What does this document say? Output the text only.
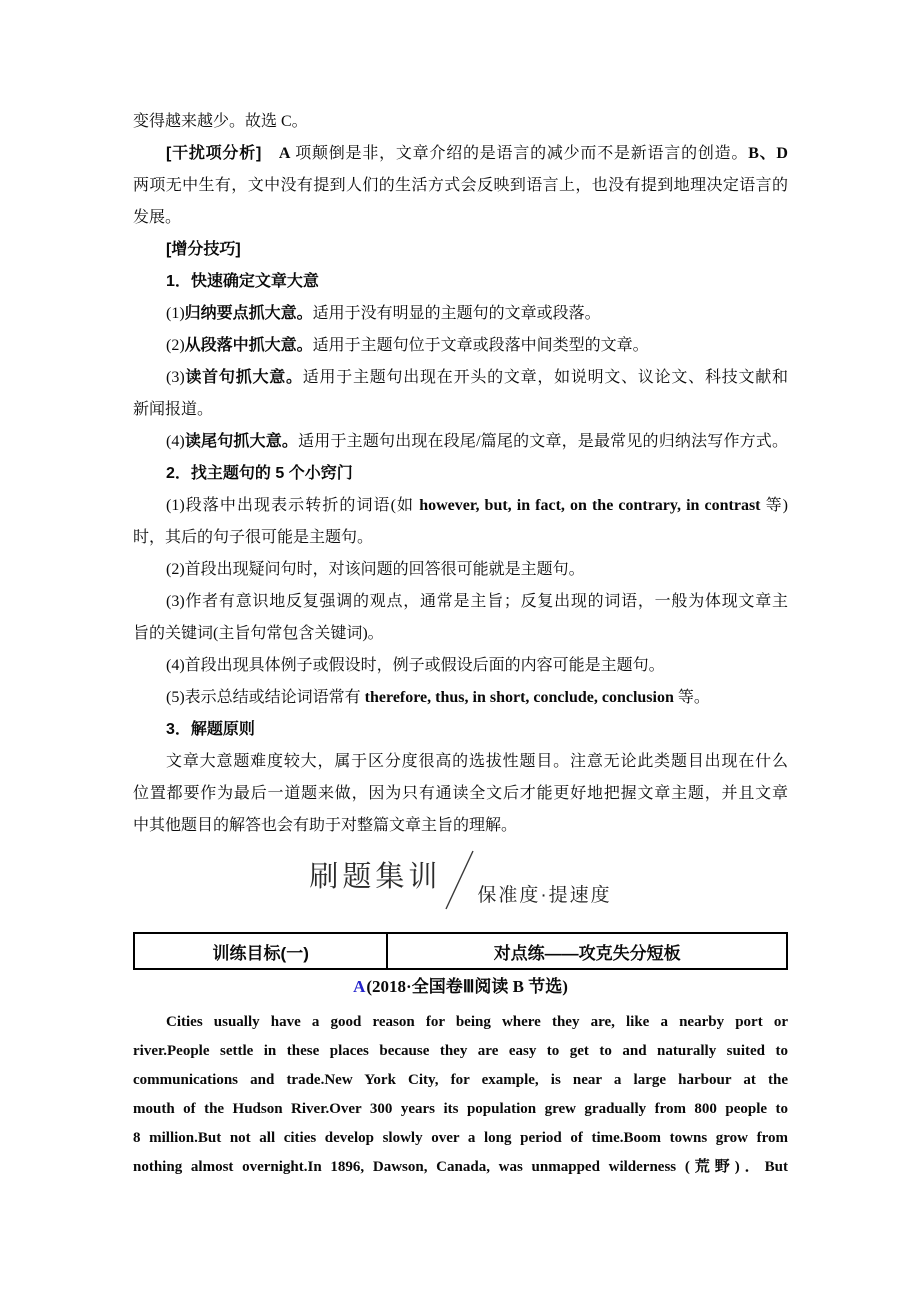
变得越来越少。故选 C。
[干扰项分析]　 A 项颠倒是非，文章介绍的是语言的减少而不是新语言的创造。B、D
两项无中生有，文中没有提到人们的生活方式会反映到语言上，也没有提到地理决定语言的
发展。
[增分技巧]
1．快速确定文章大意
(1)归纳要点抓大意。适用于没有明显的主题句的文章或段落。
(2)从段落中抓大意。适用于主题句位于文章或段落中间类型的文章。
(3)读首句抓大意。适用于主题句出现在开头的文章，如说明文、议论文、科技文献和
新闻报道。
(4)读尾句抓大意。适用于主题句出现在段尾/篇尾的文章，是最常见的归纳法写作方式。
2．找主题句的 5 个小窍门
(1)段落中出现表示转折的词语(如 however, but, in fact, on the contrary, in contrast 等)
时，其后的句子很可能是主题句。
(2)首段出现疑问句时，对该问题的回答很可能就是主题句。
(3)作者有意识地反复强调的观点，通常是主旨；反复出现的词语，一般为体现文章主
旨的关键词(主旨句常包含关键词)。
(4)首段出现具体例子或假设时，例子或假设后面的内容可能是主题句。
(5)表示总结或结论词语常有 therefore, thus, in short, conclude, conclusion 等。
3．解题原则
文章大意题难度较大，属于区分度很高的选拔性题目。注意无论此类题目出现在什么
位置都要作为最后一道题来做，因为只有通读全文后才能更好地把握文章主题，并且文章
中其他题目的解答也会有助于对整篇文章主旨的理解。
刷题集训
保准度·提速度
训练目标(一)	对点练——攻克失分短板
A(2018·全国卷Ⅲ阅读 B 节选)
Cities usually have a good reason for being where they are, like a nearby port or
river.People settle in these places because they are easy to get to and naturally suited to
communications and trade.New York City, for example, is near a large harbour at the
mouth of the Hudson River.Over 300 years its population grew gradually from 800 people to
8 million.But not all cities develop slowly over a long period of time.Boom towns grow from
nothing almost overnight.In 1896, Dawson, Canada, was unmapped wilderness (荒野)．But
